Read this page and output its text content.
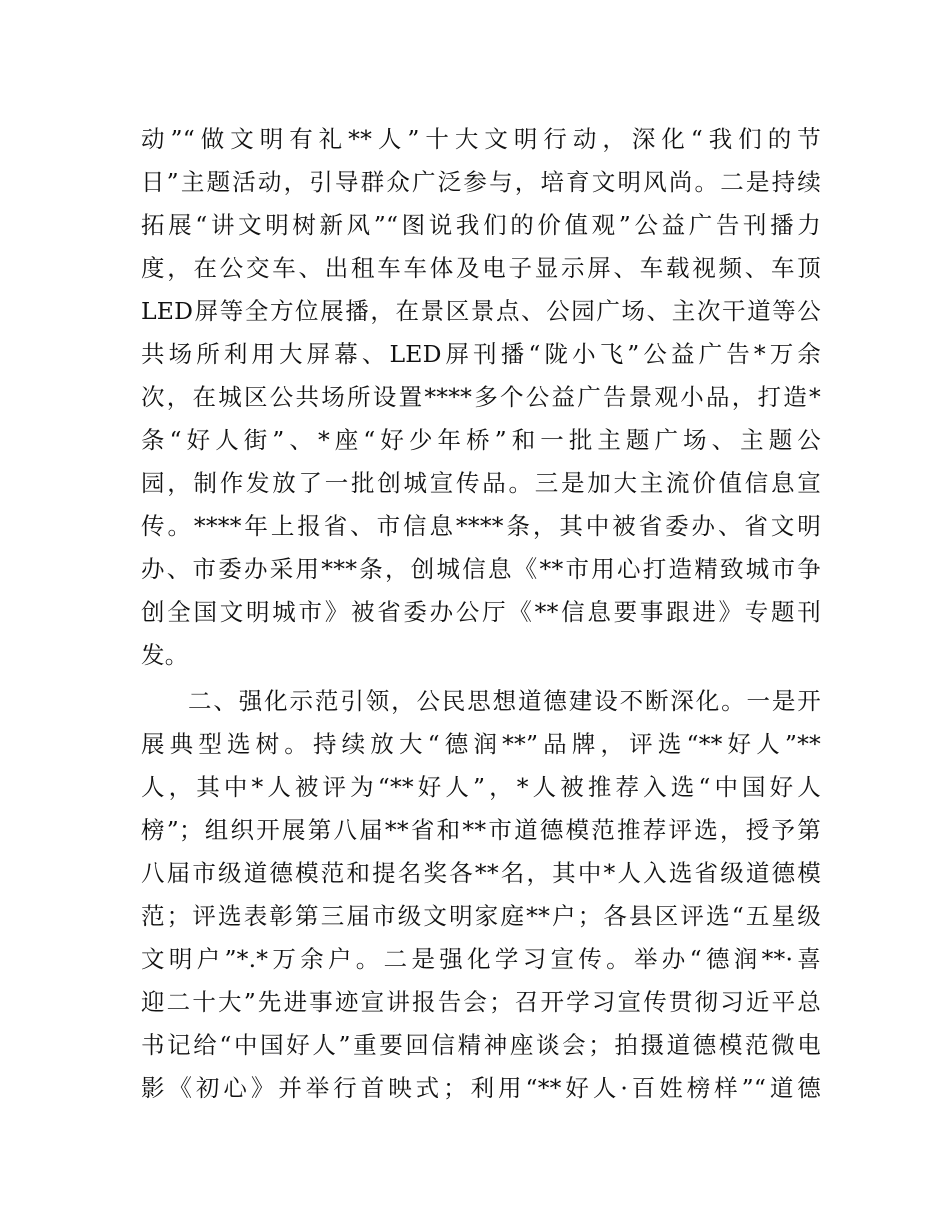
动”“做文明有礼**人”十大文明行动，深化“我们的节
日”主题活动，引导群众广泛参与，培育文明风尚。二是持续
拓展“讲文明树新风”“图说我们的价值观”公益广告刊播力
度，在公交车、出租车车体及电子显示屏、车载视频、车顶
LED屏等全方位展播，在景区景点、公园广场、主次干道等公
共场所利用大屏幕、LED屏刊播“陇小飞”公益广告*万余
次，在城区公共场所设置****多个公益广告景观小品，打造*
条“好人街”、*座“好少年桥”和一批主题广场、主题公
园，制作发放了一批创城宣传品。三是加大主流价值信息宣
传。****年上报省、市信息****条，其中被省委办、省文明
办、市委办采用***条，创城信息《**市用心打造精致城市争
创全国文明城市》被省委办公厅《**信息要事跟进》专题刊
发。
二、强化示范引领，公民思想道德建设不断深化。一是开
展典型选树。持续放大“德润**”品牌，评选“**好人”**
人，其中*人被评为“**好人”，*人被推荐入选“中国好人
榜”；组织开展第八届**省和**市道德模范推荐评选，授予第
八届市级道德模范和提名奖各**名，其中*人入选省级道德模
范；评选表彰第三届市级文明家庭**户；各县区评选“五星级
文明户”*.*万余户。二是强化学习宣传。举办“德润**·喜
迎二十大”先进事迹宣讲报告会；召开学习宣传贯彻习近平总
书记给“中国好人”重要回信精神座谈会；拍摄道德模范微电
影《初心》并举行首映式；利用“**好人·百姓榜样”“道德
